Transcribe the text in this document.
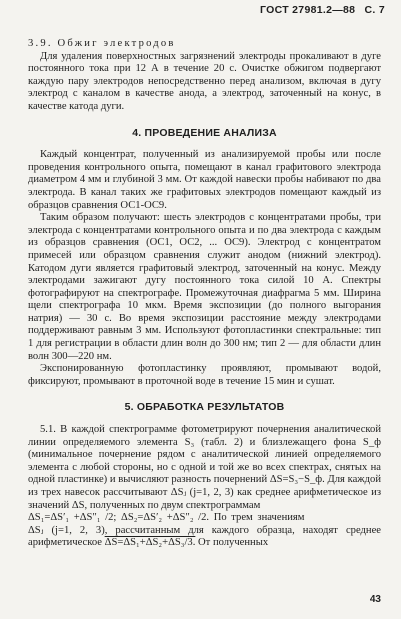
ГОСТ 27981.2—88 С. 7

3.9. Обжиг электродов

Для удаления поверхностных загрязнений электроды прокаливают в дуге постоянного тока при 12 А в течение 20 с. Очистке обжигом подвергают каждую пару электродов непосредственно перед анализом, включая в дугу электрод с каналом в качестве анода, а электрод, заточенный на конус, в качестве катода дуги.

4. ПРОВЕДЕНИЕ АНАЛИЗА

Каждый концентрат, полученный из анализируемой пробы или после проведения контрольного опыта, помещают в канал графитового электрода диаметром 4 мм и глубиной 3 мм. От каждой навески пробы набивают по два электрода. В канал таких же графитовых электродов помещают каждый из образцов сравнения ОС1-ОС9.

Таким образом получают: шесть электродов с концентратами пробы, три электрода с концентратами контрольного опыта и по два электрода с каждым из образцов сравнения (ОС1, ОС2, ... ОС9). Электрод с концентратом примесей или образцом сравнения служит анодом (нижний электрод). Катодом дуги является графитовый электрод, заточенный на конус. Между электродами зажигают дугу постоянного тока силой 10 А. Спектры фотографируют на спектрографе. Промежуточная диафрагма 5 мм. Ширина щели спектрографа 10 мкм. Время экспозиции (до полного выгорания натрия) — 30 с. Во время экспозиции расстояние между электродами поддерживают равным 3 мм. Используют фотопластинки спектральные: тип 1 для регистрации в области длин волн до 300 нм; тип 2 — для области длин волн 300—220 нм.

Экспонированную фотопластинку проявляют, промывают водой, фиксируют, промывают в проточной воде в течение 15 мин и сушат.

5. ОБРАБОТКА РЕЗУЛЬТАТОВ

5.1. В каждой спектрограмме фотометрируют почернения аналитической линии определяемого элемента S₃ (табл. 2) и близлежащего фона S_ф (минимальное почернение рядом с аналитической линией определяемого элемента с любой стороны, но с одной и той же во всех спектрах, снятых на одной пластинке) и вычисляют разность почернений ΔS=S₃−S_ф. Для каждой из трех навесок рассчитывают ΔSⱼ (j=1, 2, 3) как среднее арифметическое из значений ΔS, полученных по двум спектрограммам

ΔS₁=ΔS′₁ +ΔS″₁ /2; ΔS₂=ΔS′₂ +ΔS″₂ /2. По трем значениям

ΔSⱼ (j=1, 2, 3), рассчитанным для каждого образца, находят среднее арифметическое ΔS=ΔS₁+ΔS₂+ΔS₃/3. От полученных

43
